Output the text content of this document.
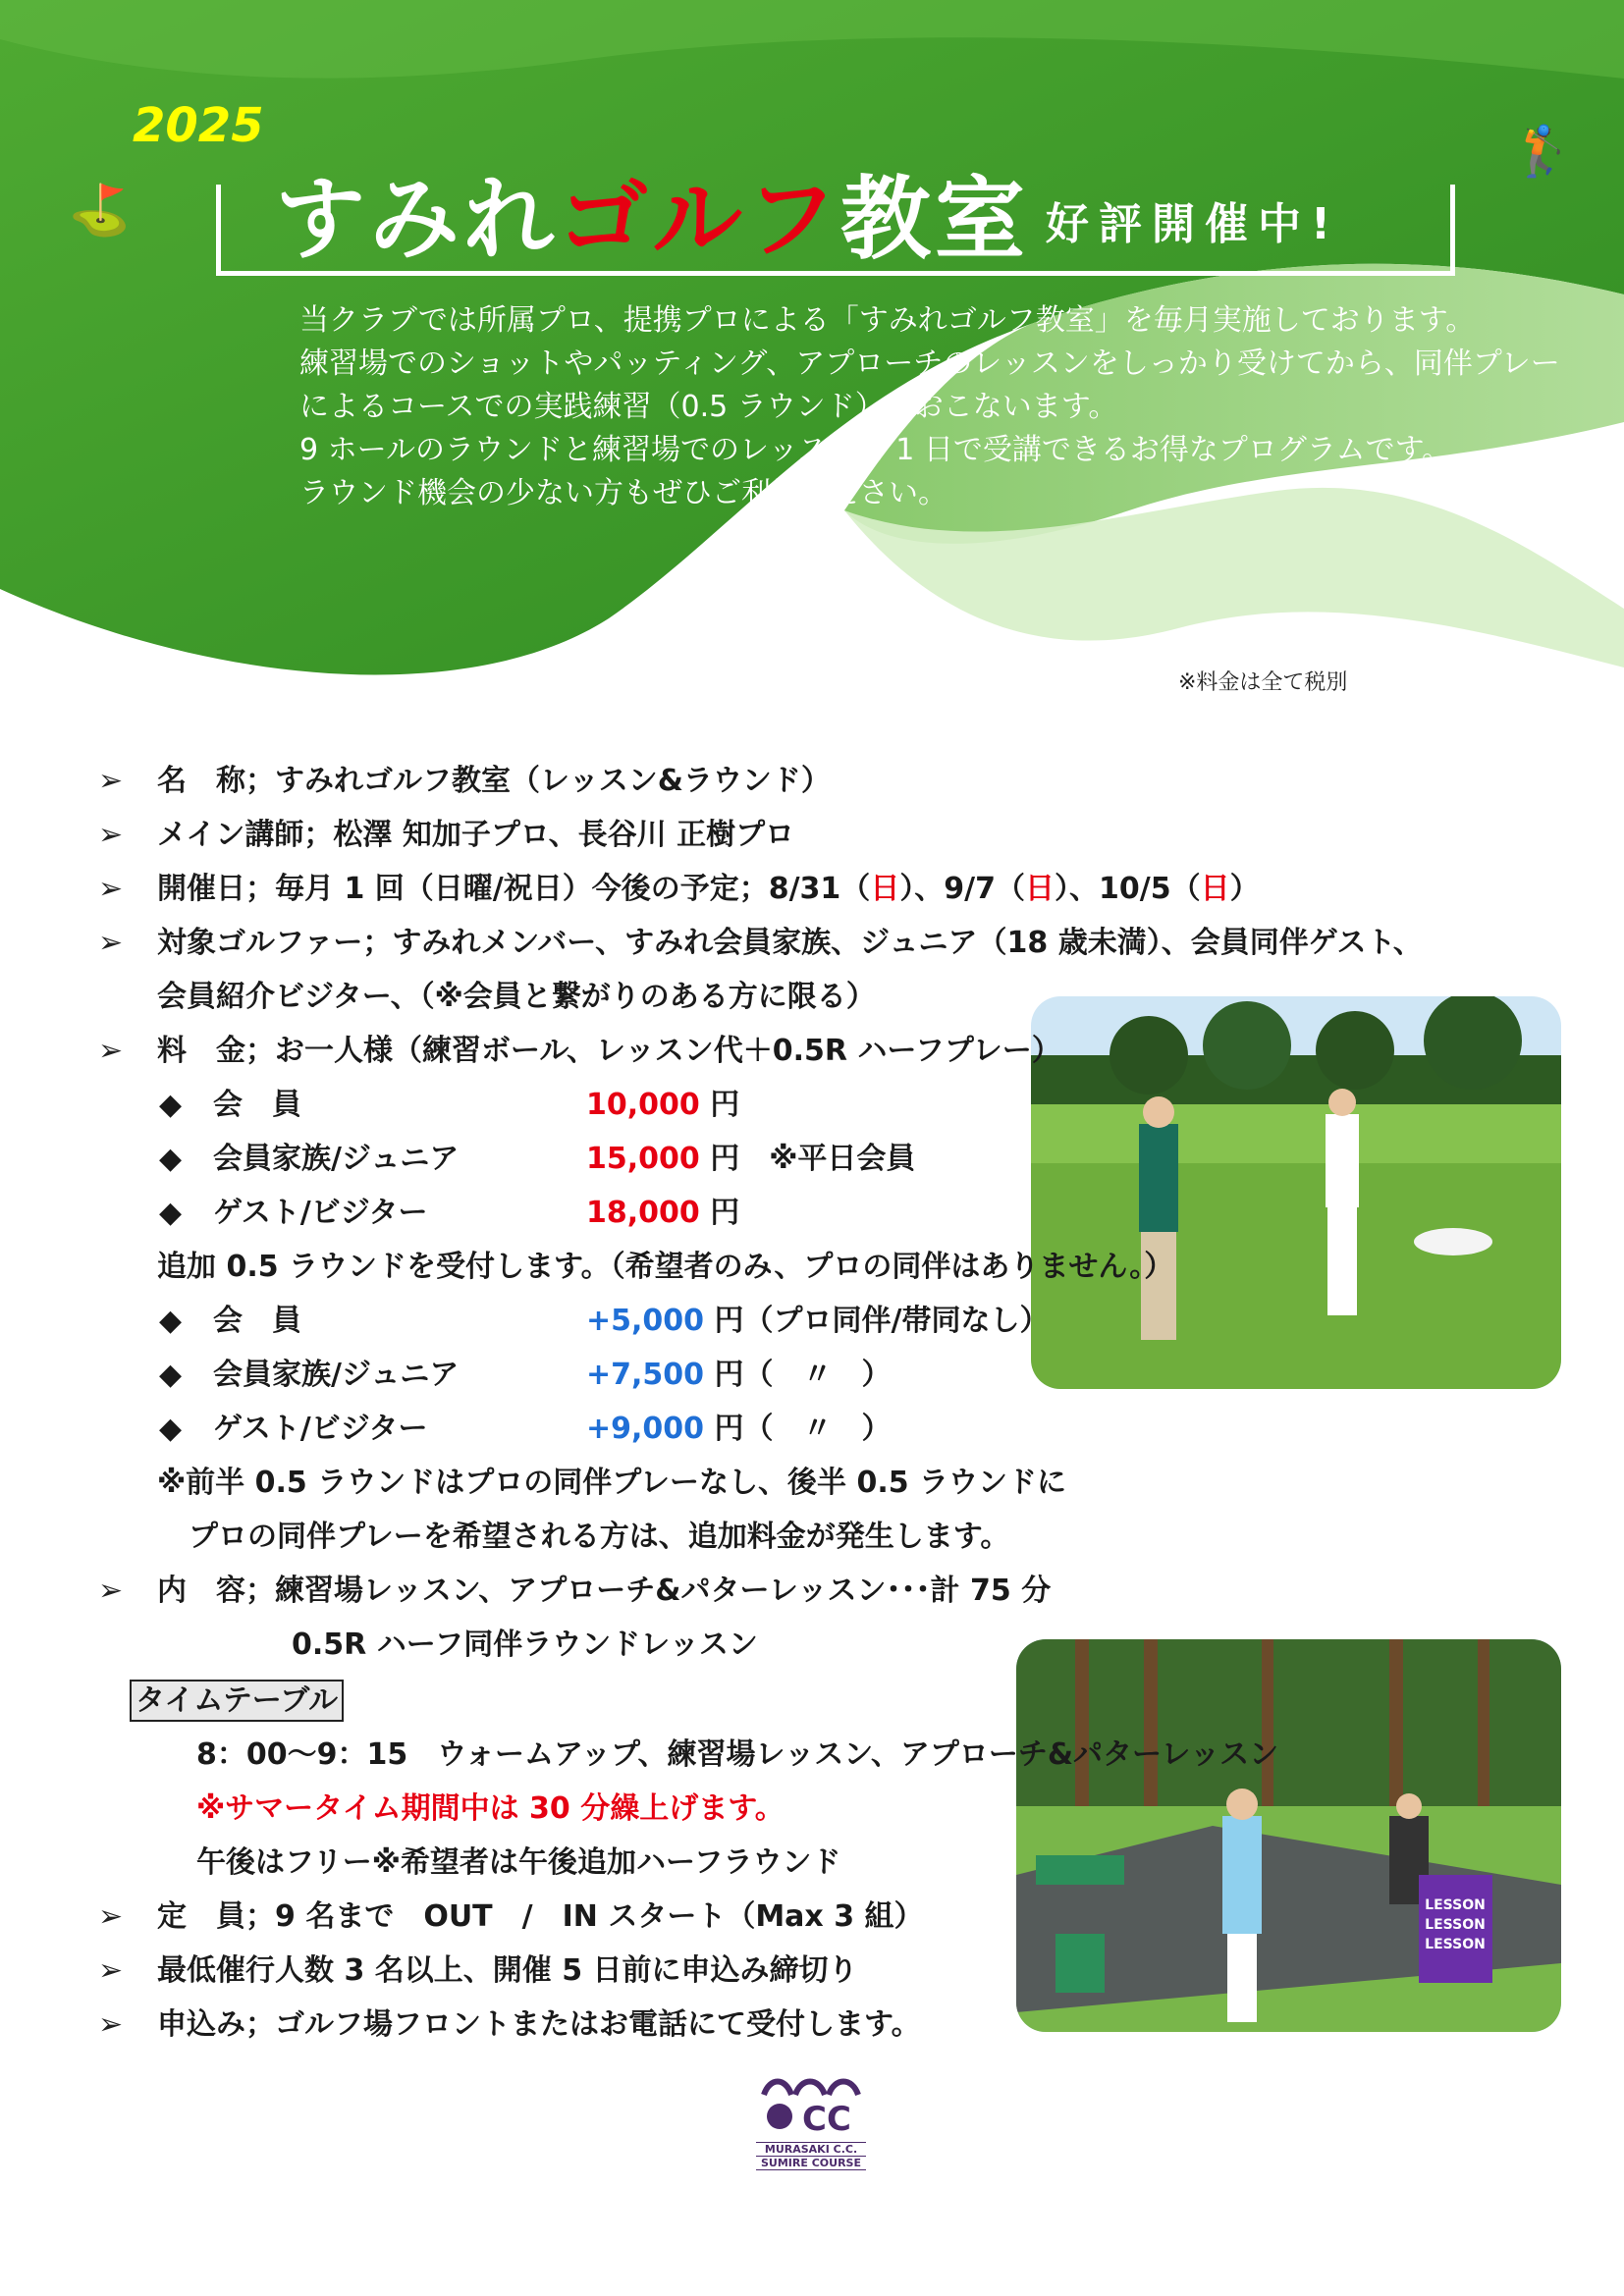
⛳
🏌
2025
すみれゴルフ教室 好評開催中!
当クラブでは所属プロ、提携プロによる「すみれゴルフ教室」を毎月実施しております。
練習場でのショットやパッティング、アプローチのレッスンをしっかり受けてから、同伴プレー
によるコースでの実践練習（0.5 ラウンド）をおこないます。
9 ホールのラウンドと練習場でのレッスンを 1 日で受講できるお得なプログラムです。
ラウンド機会の少ない方もぜひご利用ください。
※料金は全て税別
LESSON
LESSON
LESSON
➢ 名　称；すみれゴルフ教室（レッスン&ラウンド）
➢ メイン講師；松澤 知加子プロ、長谷川 正樹プロ
➢ 開催日；毎月 1 回（日曜/祝日）今後の予定；8/31（日）、9/7（日）、10/5（日）
➢ 対象ゴルファー；すみれメンバー、すみれ会員家族、ジュニア（18 歳未満）、会員同伴ゲスト、
会員紹介ビジター、（※会員と繋がりのある方に限る）
➢ 料　金；お一人様（練習ボール、レッスン代＋0.5R ハーフプレー）
◆ 会　員	10,000 円
◆ 会員家族/ジュニア	15,000 円　 ※平日会員
◆ ゲスト/ビジター	18,000 円
追加 0.5 ラウンドを受付します。（希望者のみ、プロの同伴はありません。）
◆ 会　員	+5,000 円（プロ同伴/帯同なし）
◆ 会員家族/ジュニア	+7,500 円（　〃　）
◆ ゲスト/ビジター	+9,000 円（　〃　）
※前半 0.5 ラウンドはプロの同伴プレーなし、後半 0.5 ラウンドに
プロの同伴プレーを希望される方は、追加料金が発生します。
➢ 内　容；練習場レッスン、アプローチ&パターレッスン･･･計 75 分
0.5R ハーフ同伴ラウンドレッスン
タイムテーブル
8：00〜9：15　ウォームアップ、練習場レッスン、アプローチ&パターレッスン
※サマータイム期間中は 30 分繰上げます。
午後はフリー※希望者は午後追加ハーフラウンド
➢ 定　員；9 名まで　OUT　/　IN スタート（Max 3 組）
➢ 最低催行人数 3 名以上、開催 5 日前に申込み締切り
➢ 申込み；ゴルフ場フロントまたはお電話にて受付します。
CC
MURASAKI C.C.
SUMIRE COURSE
